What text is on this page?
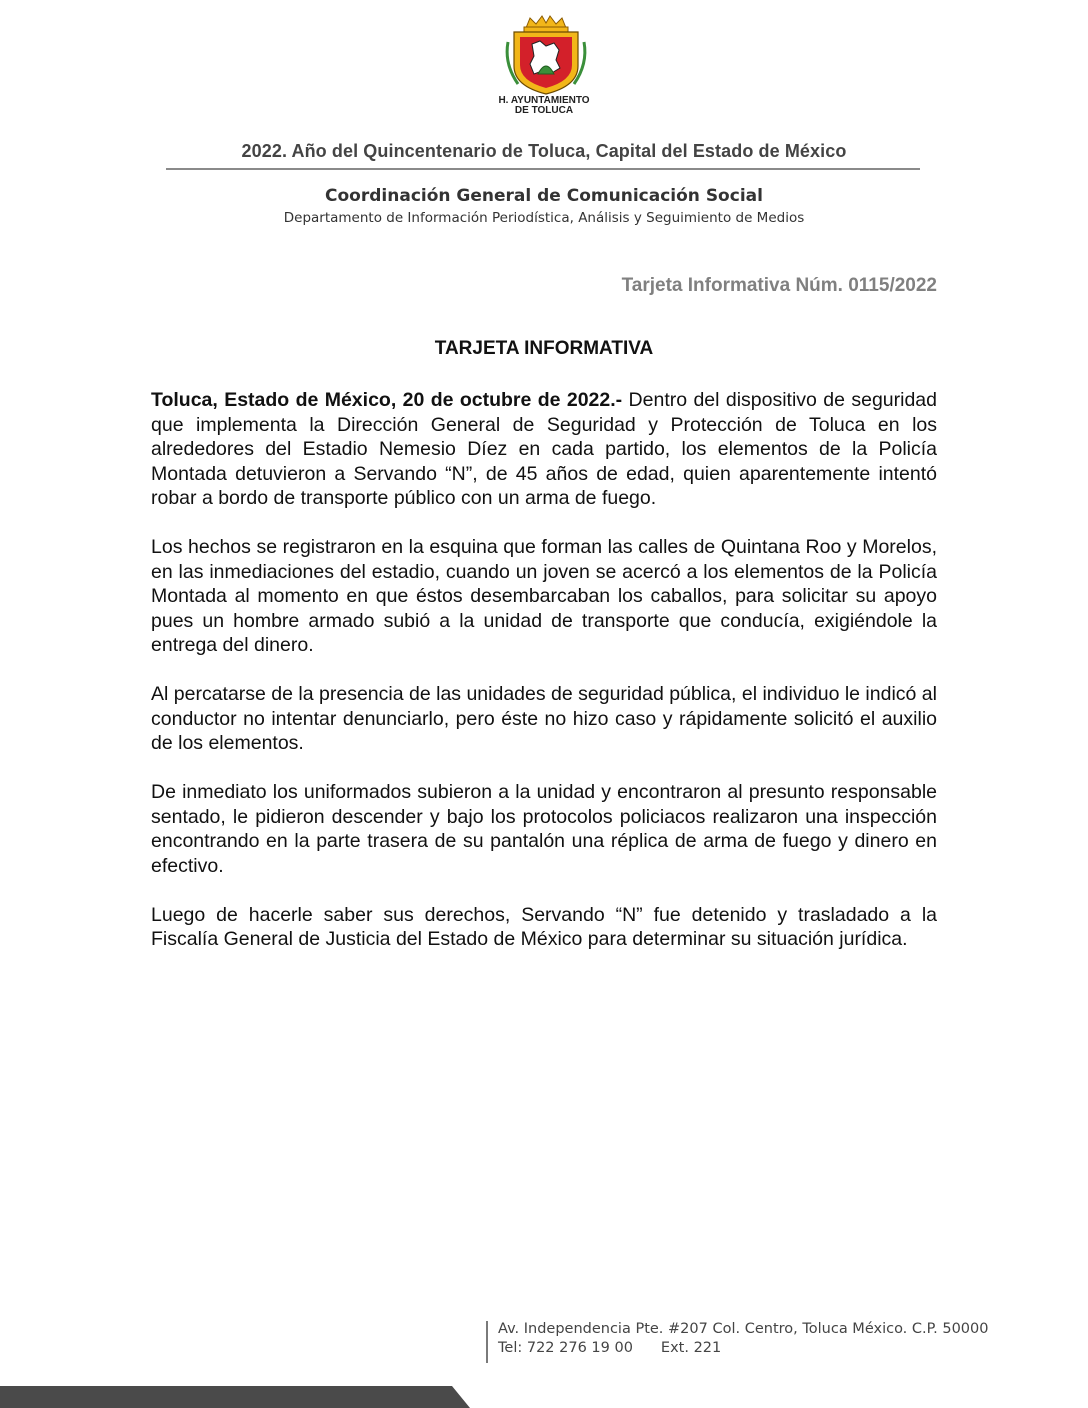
H. AYUNTAMIENTO
DE TOLUCA
2022. Año del Quincentenario de Toluca, Capital del Estado de México
Coordinación General de Comunicación Social
Departamento de Información Periodística, Análisis y Seguimiento de Medios
Tarjeta Informativa Núm. 0115/2022
TARJETA INFORMATIVA

Toluca, Estado de México, 20 de octubre de 2022.- Dentro del dispositivo de seguridad que implementa la Dirección General de Seguridad y Protección de Toluca en los alrededores del Estadio Nemesio Díez en cada partido, los elementos de la Policía Montada detuvieron a Servando “N”, de 45 años de edad, quien aparentemente intentó robar a bordo de transporte público con un arma de fuego.

Los hechos se registraron en la esquina que forman las calles de Quintana Roo y Morelos, en las inmediaciones del estadio, cuando un joven se acercó a los elementos de la Policía Montada al momento en que éstos desembarcaban los caballos, para solicitar su apoyo pues un hombre armado subió a la unidad de transporte que conducía, exigiéndole la entrega del dinero.

Al percatarse de la presencia de las unidades de seguridad pública, el individuo le indicó al conductor no intentar denunciarlo, pero éste no hizo caso y rápidamente solicitó el auxilio de los elementos.

De inmediato los uniformados subieron a la unidad y encontraron al presunto responsable sentado, le pidieron descender y bajo los protocolos policiacos realizaron una inspección encontrando en la parte trasera de su pantalón una réplica de arma de fuego y dinero en efectivo.

Luego de hacerle saber sus derechos, Servando “N” fue detenido y trasladado a la Fiscalía General de Justicia del Estado de México para determinar su situación jurídica.

Av. Independencia Pte. #207 Col. Centro, Toluca México. C.P. 50000
Tel: 722 276 19 00 Ext. 221
